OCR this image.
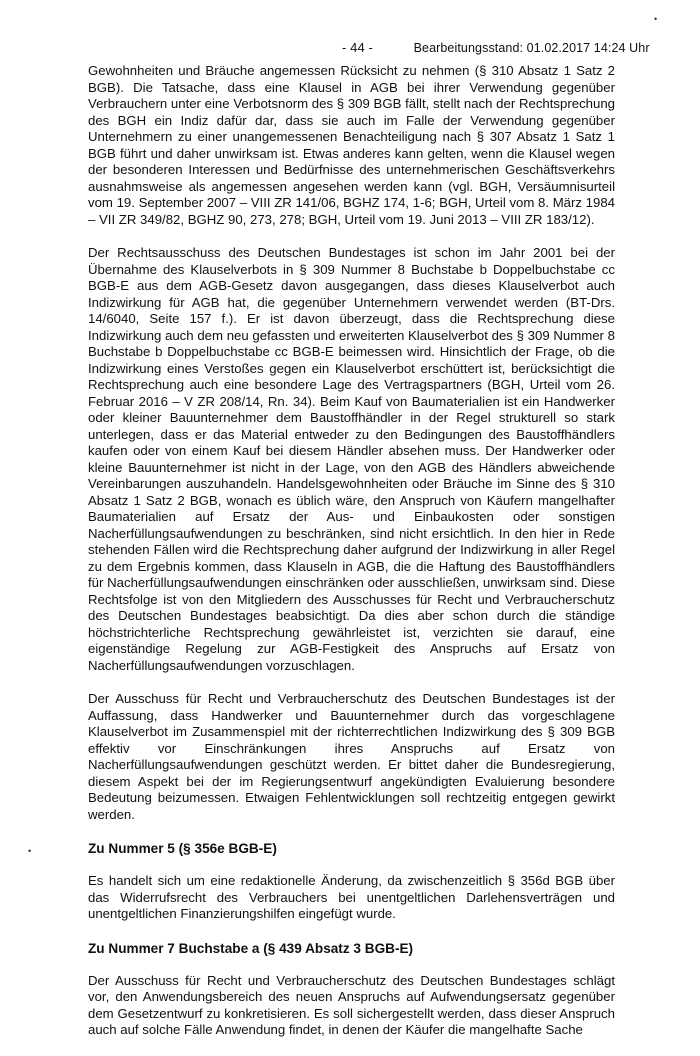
- 44 -	Bearbeitungsstand: 01.02.2017 14:24 Uhr
•
•

Gewohnheiten und Bräuche angemessen Rücksicht zu nehmen (§ 310 Absatz 1 Satz 2 BGB). Die Tatsache, dass eine Klausel in AGB bei ihrer Verwendung gegenüber Verbrauchern unter eine Verbotsnorm des § 309 BGB fällt, stellt nach der Rechtsprechung des BGH ein Indiz dafür dar, dass sie auch im Falle der Verwendung gegenüber Unternehmern zu einer unangemessenen Benachteiligung nach § 307 Absatz 1 Satz 1 BGB führt und daher unwirksam ist. Etwas anderes kann gelten, wenn die Klausel wegen der besonderen Interessen und Bedürfnisse des unternehmerischen Geschäftsverkehrs ausnahmsweise als angemessen angesehen werden kann (vgl. BGH, Versäumnisurteil vom 19. September 2007 – VIII ZR 141/06, BGHZ 174, 1-6; BGH, Urteil vom 8. März 1984 – VII ZR 349/82, BGHZ 90, 273, 278; BGH, Urteil vom 19. Juni 2013 – VIII ZR 183/12).

Der Rechtsausschuss des Deutschen Bundestages ist schon im Jahr 2001 bei der Übernahme des Klauselverbots in § 309 Nummer 8 Buchstabe b Doppelbuchstabe cc BGB-E aus dem AGB-Gesetz davon ausgegangen, dass dieses Klauselverbot auch Indizwirkung für AGB hat, die gegenüber Unternehmern verwendet werden (BT-Drs. 14/6040, Seite 157 f.). Er ist davon überzeugt, dass die Rechtsprechung diese Indizwirkung auch dem neu gefassten und erweiterten Klauselverbot des § 309 Nummer 8 Buchstabe b Doppelbuchstabe cc BGB-E beimessen wird. Hinsichtlich der Frage, ob die Indizwirkung eines Verstoßes gegen ein Klauselverbot erschüttert ist, berücksichtigt die Rechtsprechung auch eine besondere Lage des Vertragspartners (BGH, Urteil vom 26. Februar 2016 – V ZR 208/14, Rn. 34). Beim Kauf von Baumaterialien ist ein Handwerker oder kleiner Bauunternehmer dem Baustoffhändler in der Regel strukturell so stark unterlegen, dass er das Material entweder zu den Bedingungen des Baustoffhändlers kaufen oder von einem Kauf bei diesem Händler absehen muss. Der Handwerker oder kleine Bauunternehmer ist nicht in der Lage, von den AGB des Händlers abweichende Vereinbarungen auszuhandeln. Handelsgewohnheiten oder Bräuche im Sinne des § 310 Absatz 1 Satz 2 BGB, wonach es üblich wäre, den Anspruch von Käufern mangelhafter Baumaterialien auf Ersatz der Aus- und Einbaukosten oder sonstigen Nacherfüllungsaufwendungen zu beschränken, sind nicht ersichtlich. In den hier in Rede stehenden Fällen wird die Rechtsprechung daher aufgrund der Indizwirkung in aller Regel zu dem Ergebnis kommen, dass Klauseln in AGB, die die Haftung des Baustoffhändlers für Nacherfüllungsaufwendungen einschränken oder ausschließen, unwirksam sind. Diese Rechtsfolge ist von den Mitgliedern des Ausschusses für Recht und Verbraucherschutz des Deutschen Bundestages beabsichtigt. Da dies aber schon durch die ständige höchstrichterliche Rechtsprechung gewährleistet ist, verzichten sie darauf, eine eigenständige Regelung zur AGB-Festigkeit des Anspruchs auf Ersatz von Nacherfüllungsaufwendungen vorzuschlagen.

Der Ausschuss für Recht und Verbraucherschutz des Deutschen Bundestages ist der Auffassung, dass Handwerker und Bauunternehmer durch das vorgeschlagene Klauselverbot im Zusammenspiel mit der richterrechtlichen Indizwirkung des § 309 BGB effektiv vor Einschränkungen ihres Anspruchs auf Ersatz von Nacherfüllungsaufwendungen geschützt werden. Er bittet daher die Bundesregierung, diesem Aspekt bei der im Regierungsentwurf angekündigten Evaluierung besondere Bedeutung beizumessen. Etwaigen Fehlentwicklungen soll rechtzeitig entgegen gewirkt werden.

Zu Nummer 5 (§ 356e BGB-E)

Es handelt sich um eine redaktionelle Änderung, da zwischenzeitlich § 356d BGB über das Widerrufsrecht des Verbrauchers bei unentgeltlichen Darlehensverträgen und unentgeltlichen Finanzierungshilfen eingefügt wurde.

Zu Nummer 7 Buchstabe a (§ 439 Absatz 3 BGB-E)

Der Ausschuss für Recht und Verbraucherschutz des Deutschen Bundestages schlägt vor, den Anwendungsbereich des neuen Anspruchs auf Aufwendungsersatz gegenüber dem Gesetzentwurf zu konkretisieren. Es soll sichergestellt werden, dass dieser Anspruch auch auf solche Fälle Anwendung findet, in denen der Käufer die mangelhafte Sache
